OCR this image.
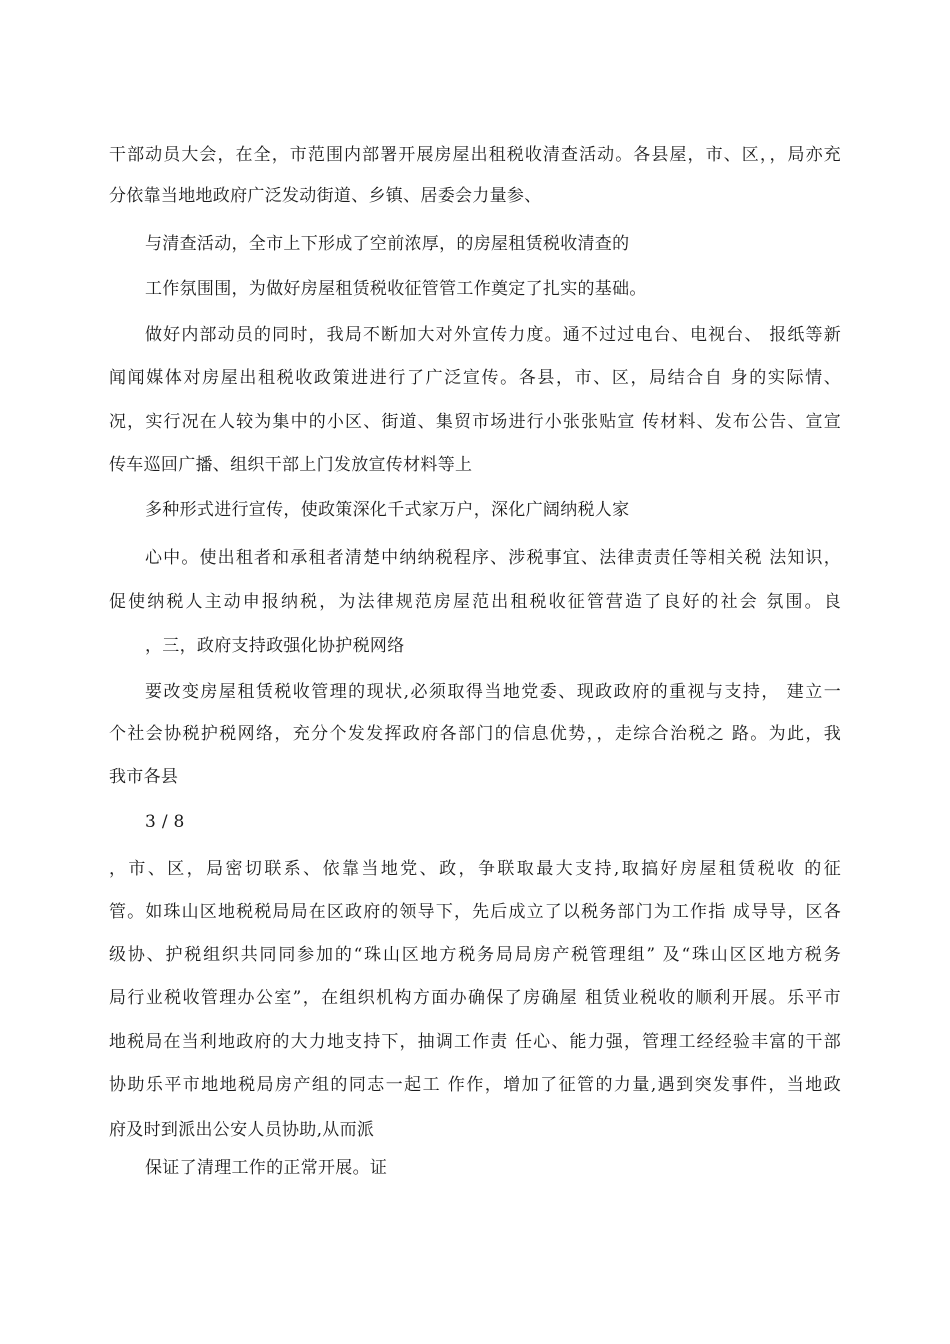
干部动员大会，在全，市范围内部署开展房屋出租税收清查活动。各县屋，市、区，，局亦充
分依靠当地地政府广泛发动街道、乡镇、居委会力量参、
与清查活动，全市上下形成了空前浓厚，的房屋租赁税收清查的
工作氛围围，为做好房屋租赁税收征管管工作奠定了扎实的基础。
做好内部动员的同时，我局不断加大对外宣传力度。通不过过电台、电视台、 报纸等新
闻闻媒体对房屋出租税收政策进进行了广泛宣传。各县，市、区，局结合自 身的实际情、
况，实行况在人较为集中的小区、街道、集贸市场进行小张张贴宣 传材料、发布公告、宣宣
传车巡回广播、组织干部上门发放宣传材料等上
多种形式进行宣传，使政策深化千式家万户，深化广阔纳税人家
心中。使出租者和承租者清楚中纳纳税程序、涉税事宜、法律责责任等相关税 法知识，
促使纳税人主动申报纳税，为法律规范房屋范出租税收征管营造了良好的社会 氛围。良
，三，政府支持政强化协护税网络
要改变房屋租赁税收管理的现状,必须取得当地党委、现政政府的重视与支持， 建立一
个社会协税护税网络，充分个发发挥政府各部门的信息优势，，走综合治税之 路。为此，我
我市各县
3 / 8
，市、区，局密切联系、依靠当地党、政，争联取最大支持,取搞好房屋租赁税收 的征
管。如珠山区地税税局局在区政府的领导下，先后成立了以税务部门为工作指 成导导，区各
级协、护税组织共同同参加的“珠山区地方税务局局房产税管理组” 及“珠山区区地方税务
局行业税收管理办公室”，在组织机构方面办确保了房确屋 租赁业税收的顺利开展。乐平市
地税局在当利地政府的大力地支持下，抽调工作责 任心、能力强，管理工经经验丰富的干部
协助乐平市地地税局房产组的同志一起工 作作，增加了征管的力量,遇到突发事件，当地政
府及时到派出公安人员协助,从而派
保证了清理工作的正常开展。证
